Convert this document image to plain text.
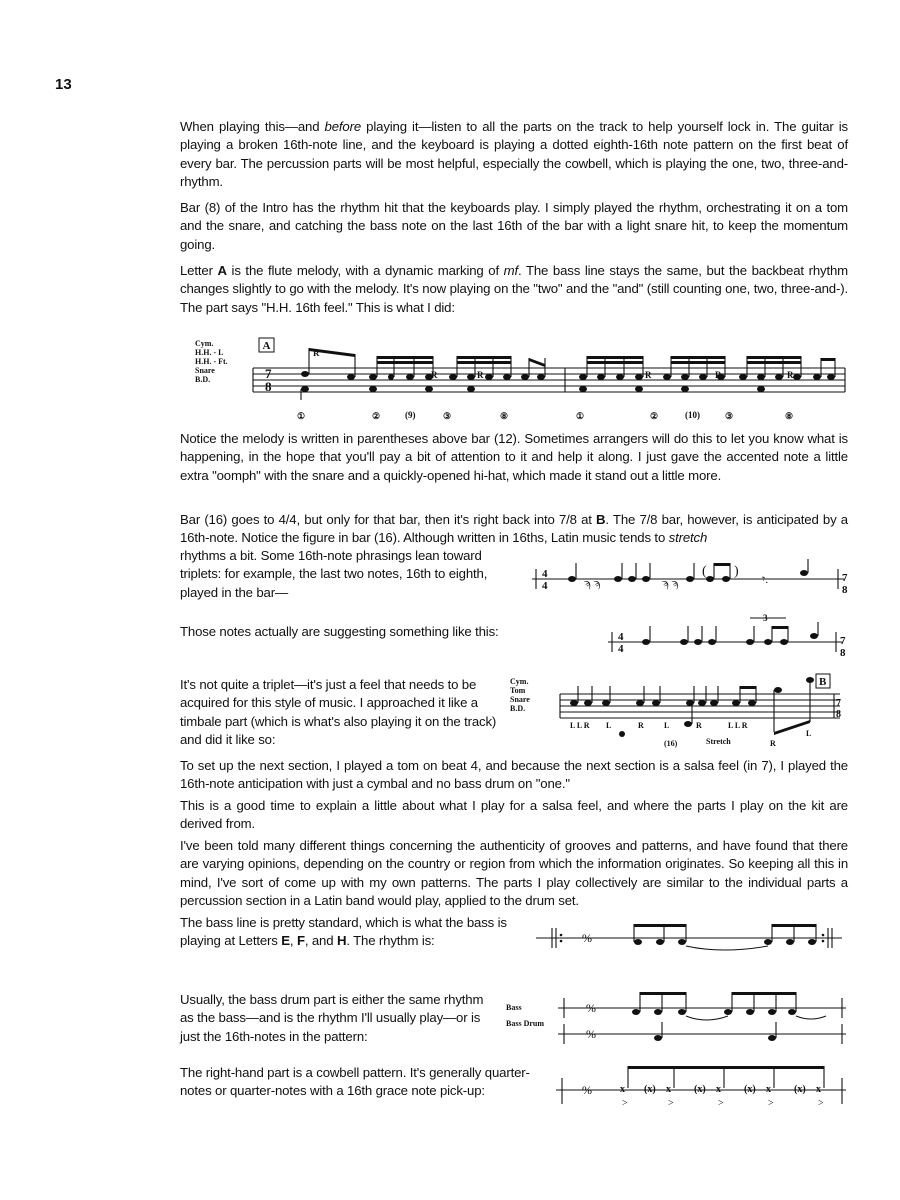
13

When playing this—and before playing it—listen to all the parts on the track to help yourself lock in. The guitar is playing a broken 16th-note line, and the keyboard is playing a dotted eighth-16th note pattern on the first beat of every bar. The percussion parts will be most helpful, especially the cowbell, which is playing the one, two, three-and- rhythm.

Bar (8) of the Intro has the rhythm hit that the keyboards play. I simply played the rhythm, orchestrating it on a tom and the snare, and catching the bass note on the last 16th of the bar with a light snare hit, to keep the momentum going.

Letter A is the flute melody, with a dynamic marking of mf. The bass line stays the same, but the backbeat rhythm changes slightly to go with the melody. It's now playing on the "two" and the "and" (still counting one, two, three-and-). The part says "H.H. 16th feel." This is what I did:

Cym.
H.H. - L
H.H. - Ft.
Snare
B.D.
A
7
8
R
R
R	R	R	R
①	②	(9)	③	⑧	①	②	(10)	③	⑧

Notice the melody is written in parentheses above bar (12). Sometimes arrangers will do this to let you know what is happening, in the hope that you'll pay a bit of attention to it and help it along. I just gave the accented note a little extra "oomph" with the snare and a quickly-opened hi-hat, which made it stand out a little more.

Bar (16) goes to 4/4, but only for that bar, then it's right back into 7/8 at B. The 7/8 bar, however, is anticipated by a 16th-note. Notice the figure in bar (16). Although written in 16ths, Latin music tends to stretch

rhythms a bit. Some 16th-note phrasings lean toward triplets: for example, the last two notes, 16th to eighth, played in the bar—

4
4	ϡ ϡ	ϡ ϡ	𝄾.
( )	7
8

Those notes actually are suggesting something like this:	4
4
3
7
8

It's not quite a triplet—it's just a feel that needs to be acquired for this style of music. I approached it like a timbale part (which is what's also playing it on the track) and did it like so:

Cym.
Tom
Snare
B.D.
B
L L R L	R	L	R	L L R
R
L
(16)	Stretch
7
8

To set up the next section, I played a tom on beat 4, and because the next section is a salsa feel (in 7), I played the 16th-note anticipation with just a cymbal and no bass drum on "one."

This is a good time to explain a little about what I play for a salsa feel, and where the parts I play on the kit are derived from.

I've been told many different things concerning the authenticity of grooves and patterns, and have found that there are varying opinions, depending on the country or region from which the information originates. So keeping all this in mind, I've sort of come up with my own patterns. The parts I play collectively are similar to the individual parts a percussion section in a Latin band would play, applied to the drum set.

The bass line is pretty standard, which is what the bass is playing at Letters E, F, and H. The rhythm is:	%

Usually, the bass drum part is either the same rhythm as the bass—and is the rhythm I'll usually play—or is just the 16th-notes in the pattern:

Bass
Bass Drum
%
%

The right-hand part is a cowbell pattern. It's generally quarter-notes or quarter-notes with a 16th grace note pick-up:	%	x (x) x (x) x (x) x (x) x
>	>	>	>	>
